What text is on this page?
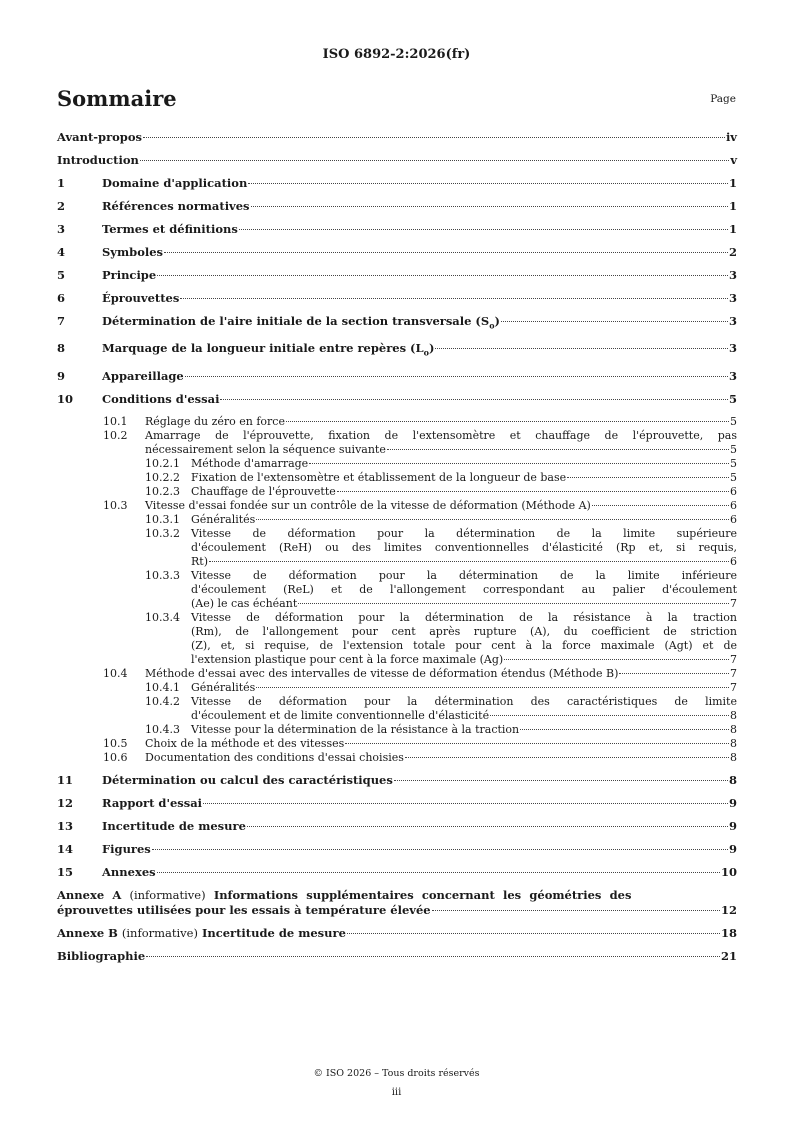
ISO 6892-2:2026(fr)
Sommaire	Page
Avant-propos	iv
Introduction	v
1	Domaine d'application	1
2	Références normatives	1
3	Termes et définitions	1
4	Symboles	2
5	Principe	3
6	Éprouvettes	3
7	Détermination de l'aire initiale de la section transversale $(S_o)$	3
8	Marquage de la longueur initiale entre repères $(L_o)$	3
9	Appareillage	3
10	Conditions d'essai	5
10.1 Réglage du zéro en force	5
10.2 Amarrage de l'éprouvette, fixation de l'extensomètre et chauffage de l'éprouvette, pas
nécessairement selon la séquence suivante	5
10.2.1 Méthode d'amarrage	5
10.2.2 Fixation de l'extensomètre et établissement de la longueur de base	5
10.2.3 Chauffage de l'éprouvette	6
10.3 Vitesse d'essai fondée sur un contrôle de la vitesse de déformation (Méthode A)	6
10.3.1 Généralités	6
10.3.2 Vitesse de déformation pour la détermination de la limite supérieure
d'écoulement (ReH) ou des limites conventionnelles d'élasticité (Rp et, si requis,
Rt)	6
10.3.3 Vitesse de déformation pour la détermination de la limite inférieure
d'écoulement (ReL) et de l'allongement correspondant au palier d'écoulement
(Ae) le cas échéant	7
10.3.4 Vitesse de déformation pour la détermination de la résistance à la traction
(Rm), de l'allongement pour cent après rupture (A), du coefficient de striction
(Z), et, si requise, de l'extension totale pour cent à la force maximale (Agt) et de
l'extension plastique pour cent à la force maximale (Ag)	7
10.4 Méthode d'essai avec des intervalles de vitesse de déformation étendus (Méthode B)	7
10.4.1 Généralités	7
10.4.2 Vitesse de déformation pour la détermination des caractéristiques de limite
d'écoulement et de limite conventionnelle d'élasticité	8
10.4.3 Vitesse pour la détermination de la résistance à la traction	8
10.5 Choix de la méthode et des vitesses	8
10.6 Documentation des conditions d'essai choisies	8
11	Détermination ou calcul des caractéristiques	8
12	Rapport d'essai	9
13	Incertitude de mesure	9
14	Figures	9
15	Annexes	10
Annexe A (informative) Informations supplémentaires concernant les géométries des
éprouvettes utilisées pour les essais à température élevée	12
Annexe B (informative) Incertitude de mesure	18
Bibliographie	21
© ISO 2026 – Tous droits réservés
iii
